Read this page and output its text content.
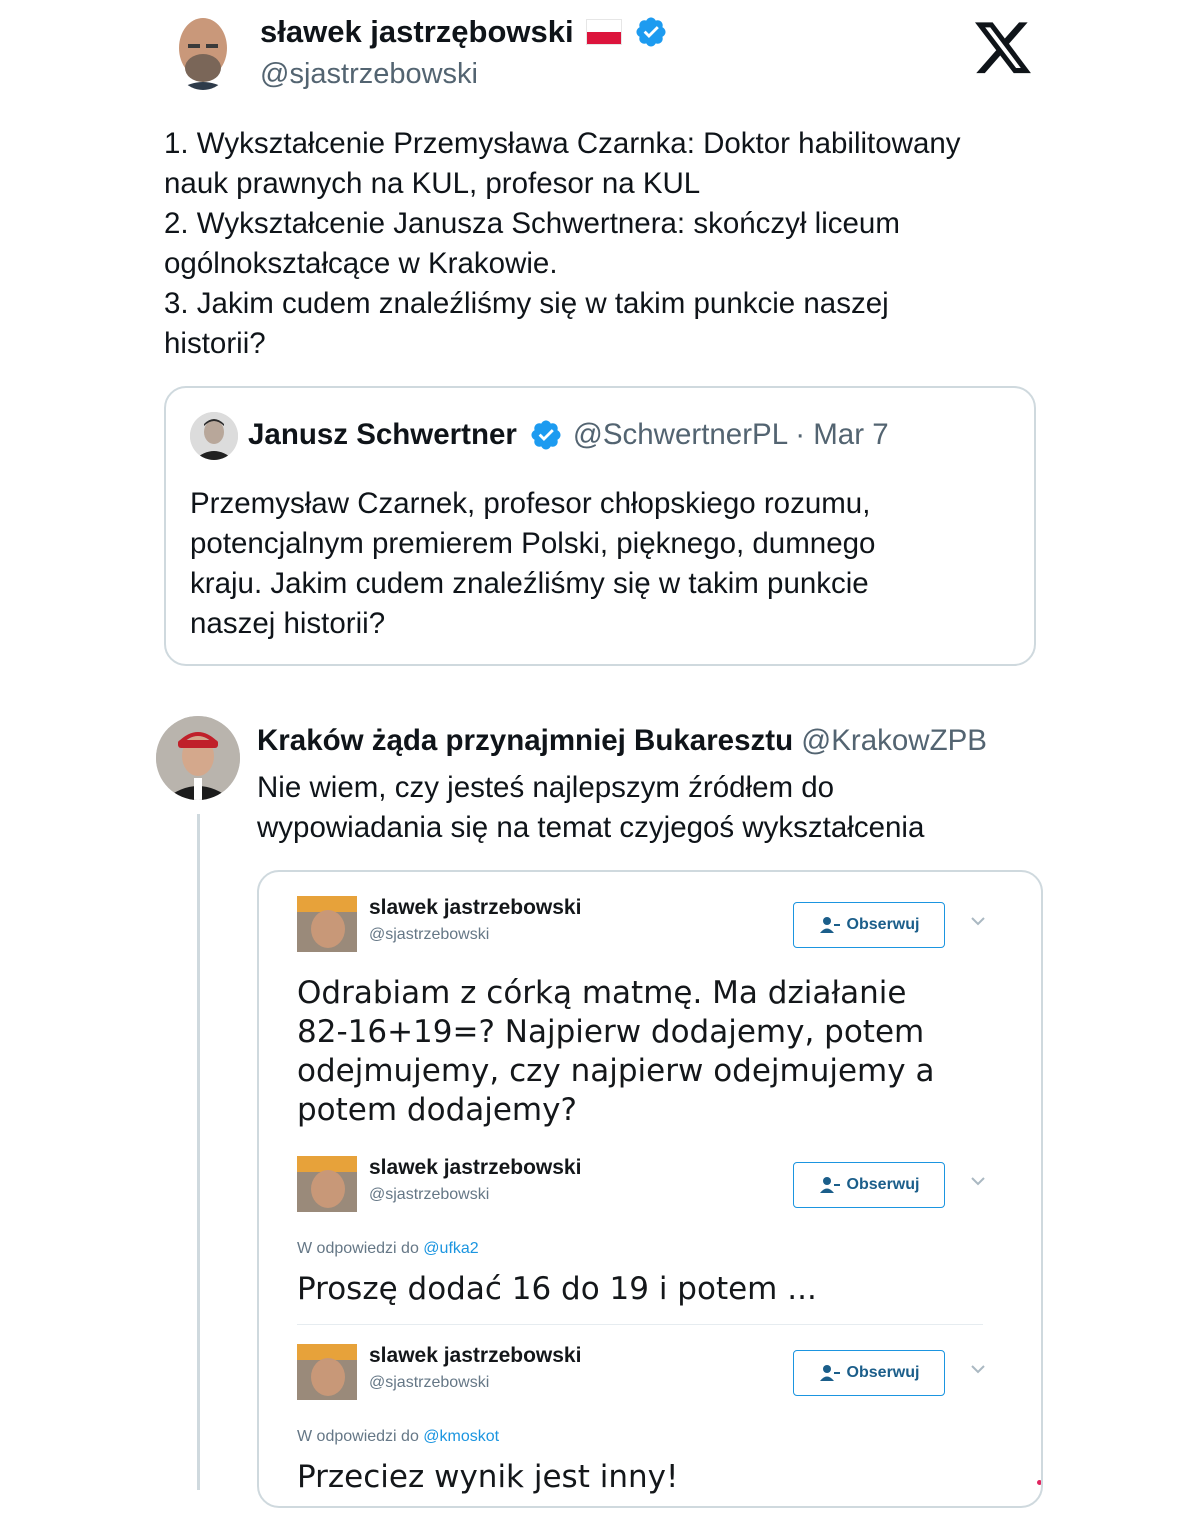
sławek jastrzębowski
@sjastrzebowski
1. Wykształcenie Przemysława Czarnka: Doktor habilitowany
nauk prawnych na KUL, profesor na KUL
2. Wykształcenie Janusza Schwertnera: skończył liceum
ogólnokształcące w Krakowie.
3. Jakim cudem znaleźliśmy się w takim punkcie naszej
historii?
Janusz Schwertner @SchwertnerPL · Mar 7
Przemysław Czarnek, profesor chłopskiego rozumu,
potencjalnym premierem Polski, pięknego, dumnego
kraju. Jakim cudem znaleźliśmy się w takim punkcie
naszej historii?
Kraków żąda przynajmniej Bukaresztu @KrakowZPB
Nie wiem, czy jesteś najlepszym źródłem do
wypowiadania się na temat czyjegoś wykształcenia
slawek jastrzebowski
@sjastrzebowski
Obserwuj
Odrabiam z córką matmę. Ma działanie
82-16+19=? Najpierw dodajemy, potem
odejmujemy, czy najpierw odejmujemy a
potem dodajemy?
slawek jastrzebowski
@sjastrzebowski
Obserwuj
W odpowiedzi do @ufka2
Proszę dodać 16 do 19 i potem ...
slawek jastrzebowski
@sjastrzebowski
Obserwuj
W odpowiedzi do @kmoskot
Przeciez wynik jest inny!
